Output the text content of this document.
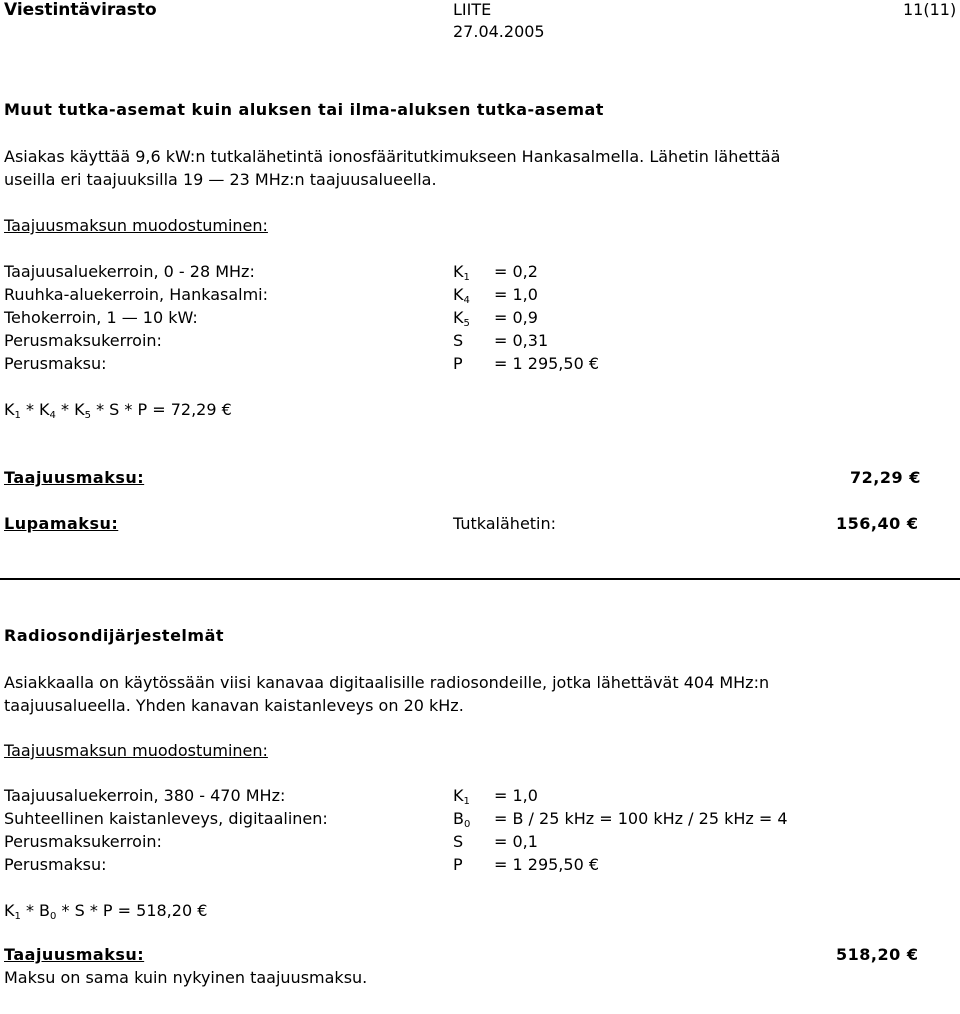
Viestintävirasto	LIITE
27.04.2005
11(11)
Muut tutka-asemat kuin aluksen tai ilma-aluksen tutka-asemat
Asiakas käyttää 9,6 kW:n tutkalähetintä ionosfääritutkimukseen Hankasalmella. Lähetin lähettää
useilla eri taajuuksilla 19 — 23 MHz:n taajuusalueella.
Taajuusmaksun muodostuminen:
Taajuusaluekerroin, 0 - 28 MHz:	$K_1 = 0,2$
Ruuhka-aluekerroin, Hankasalmi:	$K_4 = 1,0$
Tehokerroin, 1 — 10 kW:	$K_5 = 0,9$
Perusmaksukerroin:	S = 0,31
Perusmaksu:	P = 1 295,50 €
$K_1 * K_4 * K_5 * S * P = 72,29$ €
Taajuusmaksu:	72,29 €
Lupamaksu:	Tutkalähetin:	156,40 €
Radiosondijärjestelmät
Asiakkaalla on käytössään viisi kanavaa digitaalisille radiosondeille, jotka lähettävät 404 MHz:n
taajuusalueella. Yhden kanavan kaistanleveys on 20 kHz.
Taajuusmaksun muodostuminen:
Taajuusaluekerroin, 380 - 470 MHz:	$K_1 = 1,0$
Suhteellinen kaistanleveys, digitaalinen:	$B_0 = B / 25$ kHz = 100 kHz / 25 kHz = 4
Perusmaksukerroin:	S = 0,1
Perusmaksu:	P = 1 295,50 €
$K_1 * B_0 * S * P = 518,20$ €
Taajuusmaksu:	518,20 €
Maksu on sama kuin nykyinen taajuusmaksu.
